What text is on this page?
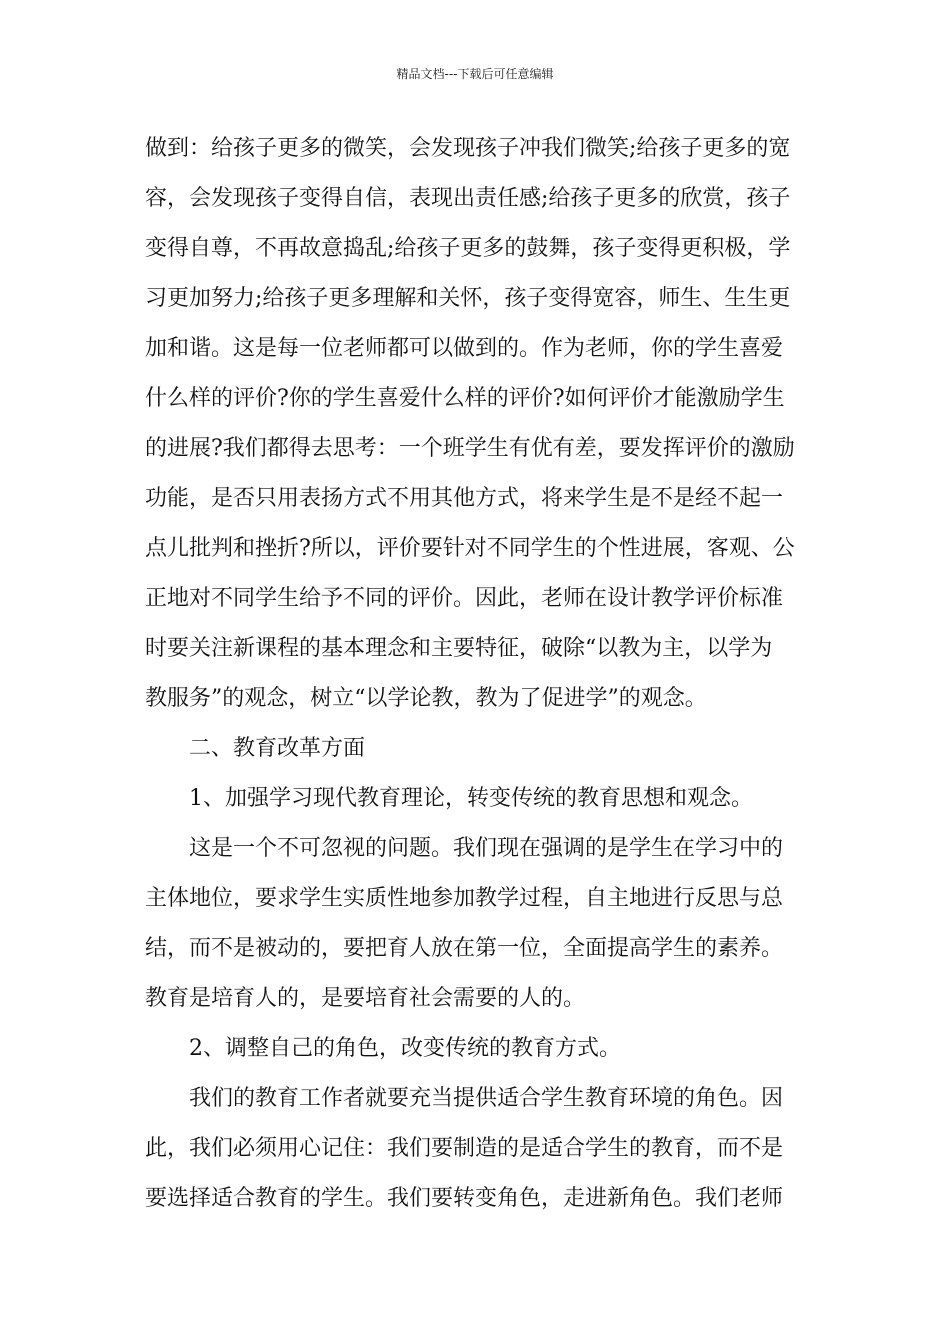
精品文档---下载后可任意编辑
做到：给孩子更多的微笑，会发现孩子冲我们微笑;给孩子更多的宽
容，会发现孩子变得自信，表现出责任感;给孩子更多的欣赏，孩子
变得自尊，不再故意捣乱;给孩子更多的鼓舞，孩子变得更积极，学
习更加努力;给孩子更多理解和关怀，孩子变得宽容，师生、生生更
加和谐。这是每一位老师都可以做到的。作为老师，你的学生喜爱
什么样的评价?你的学生喜爱什么样的评价?如何评价才能激励学生
的进展?我们都得去思考：一个班学生有优有差，要发挥评价的激励
功能，是否只用表扬方式不用其他方式，将来学生是不是经不起一
点儿批判和挫折?所以，评价要针对不同学生的个性进展，客观、公
正地对不同学生给予不同的评价。因此，老师在设计教学评价标准
时要关注新课程的基本理念和主要特征，破除“以教为主，以学为
教服务”的观念，树立“以学论教，教为了促进学”的观念。
二、教育改革方面
1、加强学习现代教育理论，转变传统的教育思想和观念。
这是一个不可忽视的问题。我们现在强调的是学生在学习中的
主体地位，要求学生实质性地参加教学过程，自主地进行反思与总
结，而不是被动的，要把育人放在第一位，全面提高学生的素养。
教育是培育人的，是要培育社会需要的人的。
2、调整自己的角色，改变传统的教育方式。
我们的教育工作者就要充当提供适合学生教育环境的角色。因
此，我们必须用心记住：我们要制造的是适合学生的教育，而不是
要选择适合教育的学生。我们要转变角色，走进新角色。我们老师
